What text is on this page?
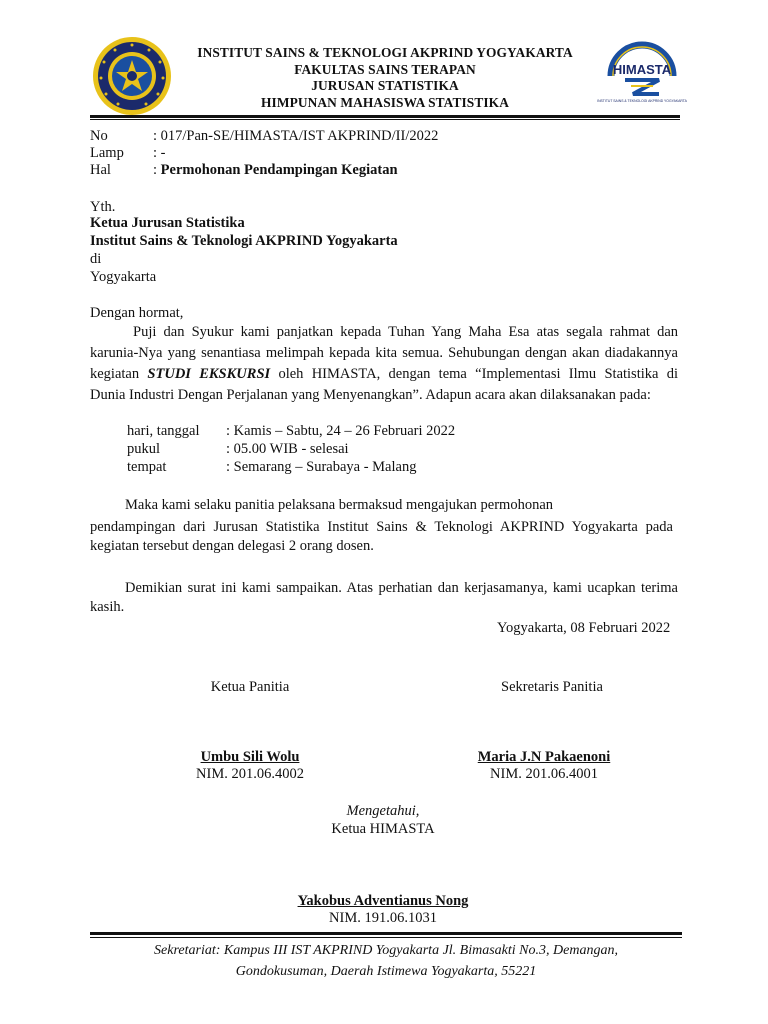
INSTITUT SAINS & TEKNOLOGI AKPRIND YOGYAKARTA
FAKULTAS SAINS TERAPAN
JURUSAN STATISTIKA
HIMPUNAN MAHASISWA STATISTIKA
HIMASTA
INSTITUT SAINS & TEKNOLOGI AKPRIND YOGYAKARTA
No	: 017/Pan-SE/HIMASTA/IST AKPRIND/II/2022
Lamp : -
Hal	: Permohonan Pendampingan Kegiatan
Yth.
Ketua Jurusan Statistika
Institut Sains & Teknologi AKPRIND Yogyakarta
di
Yogyakarta
Dengan hormat,
Puji dan Syukur kami panjatkan kepada Tuhan Yang Maha Esa atas segala rahmat dan
karunia-Nya yang senantiasa melimpah kepada kita semua. Sehubungan dengan akan diadakannya
kegiatan STUDI EKSKURSI oleh HIMASTA, dengan tema “Implementasi Ilmu Statistika di
Dunia Industri Dengan Perjalanan yang Menyenangkan”. Adapun acara akan dilaksanakan pada:
hari, tanggal : Kamis – Sabtu, 24 – 26 Februari 2022
pukul	: 05.00 WIB - selesai
tempat	: Semarang – Surabaya - Malang
Maka kami selaku panitia pelaksana bermaksud mengajukan permohonan
pendampingan dari Jurusan Statistika Institut Sains & Teknologi AKPRIND Yogyakarta pada
kegiatan tersebut dengan delegasi 2 orang dosen.
Demikian surat ini kami sampaikan. Atas perhatian dan kerjasamanya, kami ucapkan terima
kasih.
Yogyakarta, 08 Februari 2022
Ketua Panitia	Sekretaris Panitia
Umbu Sili Wolu
NIM. 201.06.4002
Maria J.N Pakaenoni
NIM. 201.06.4001
Mengetahui,
Ketua HIMASTA
Yakobus Adventianus Nong
NIM. 191.06.1031
Sekretariat: Kampus III IST AKPRIND Yogyakarta Jl. Bimasakti No.3, Demangan,
Gondokusuman, Daerah Istimewa Yogyakarta, 55221
